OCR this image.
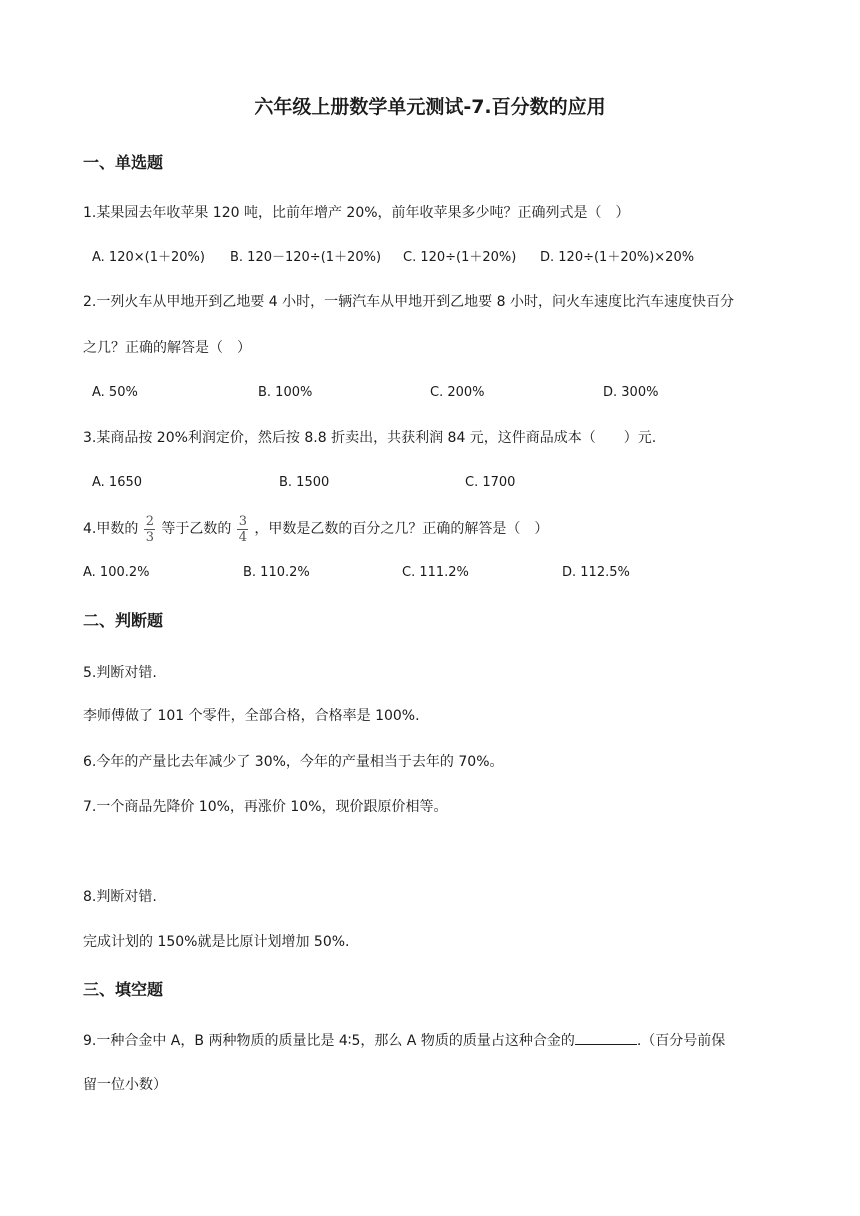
六年级上册数学单元测试-7.百分数的应用
一、单选题
1.某果园去年收苹果 120 吨，比前年增产 20%，前年收苹果多少吨？正确列式是（　）
A. 120×(1＋20%) B. 120－120÷(1＋20%) C. 120÷(1＋20%) D. 120÷(1＋20%)×20%
2.一列火车从甲地开到乙地要 4 小时，一辆汽车从甲地开到乙地要 8 小时，问火车速度比汽车速度快百分
之几？正确的解答是（　）
A. 50%	B. 100%	C. 200%	D. 300%
3.某商品按 20%利润定价，然后按 8.8 折卖出，共获利润 84 元，这件商品成本（　　）元.
A. 1650	B. 1500	C. 1700
4.甲数的 $\frac{2}{3}$ 等于乙数的 $\frac{3}{4}$ ，甲数是乙数的百分之几？正确的解答是（　）
A. 100.2%	B. 110.2%	C. 111.2%	D. 112.5%
二、判断题
5.判断对错.
李师傅做了 101 个零件，全部合格，合格率是 100%.
6.今年的产量比去年减少了 30%，今年的产量相当于去年的 70%。
7.一个商品先降价 10%，再涨价 10%，现价跟原价相等。
8.判断对错.
完成计划的 150%就是比原计划增加 50%.
三、填空题
9.一种合金中 A，B 两种物质的质量比是 4∶5，那么 A 物质的质量占这种合金的	.（百分号前保
留一位小数）
